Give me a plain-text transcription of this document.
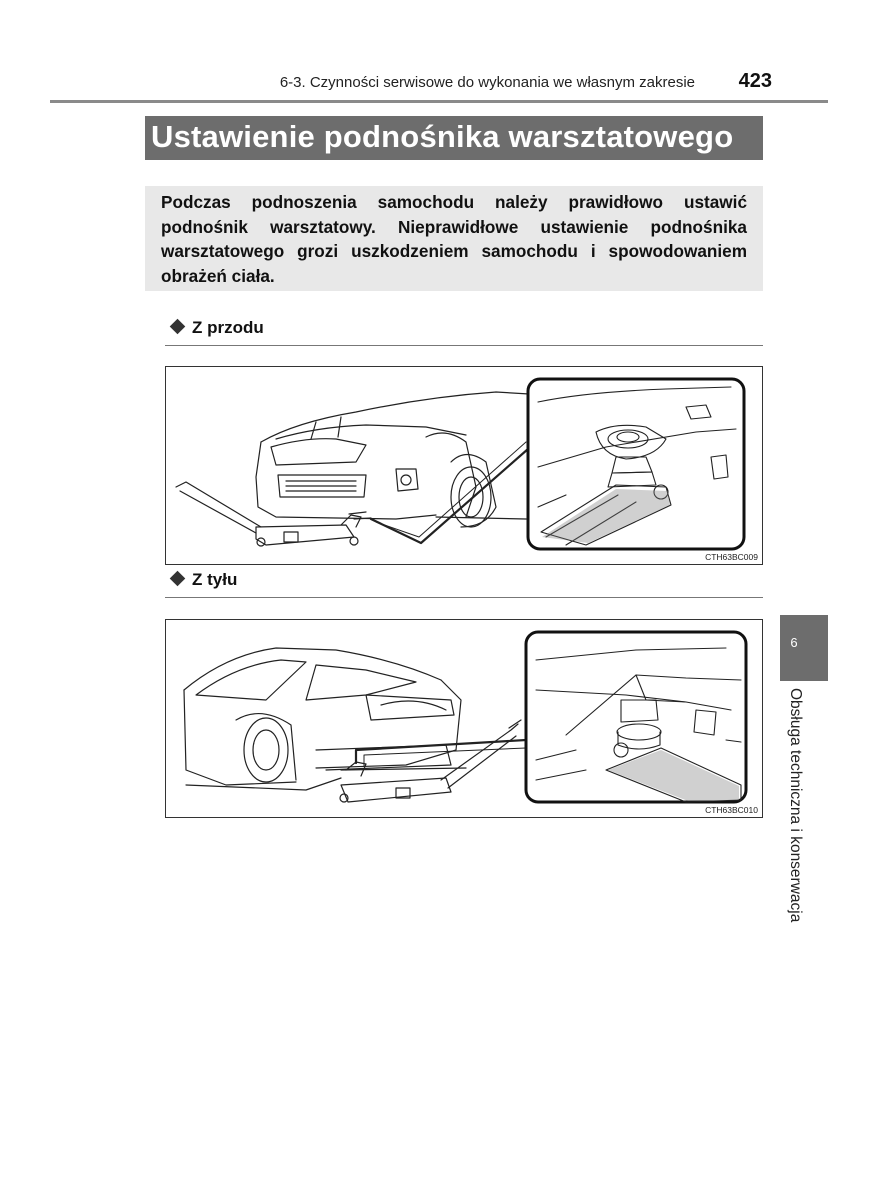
6-3. Czynności serwisowe do wykonania we własnym zakresie	423
Ustawienie podnośnika warsztatowego
Podczas podnoszenia samochodu należy prawidłowo ustawić podnośnik warsztatowy. Nieprawidłowe ustawienie podnośnika warsztatowego grozi uszkodzeniem samochodu i spowodowaniem obrażeń ciała.
Z przodu
CTH63BC009
Z tyłu
CTH63BC010
6
Obsługa techniczna i konserwacja
